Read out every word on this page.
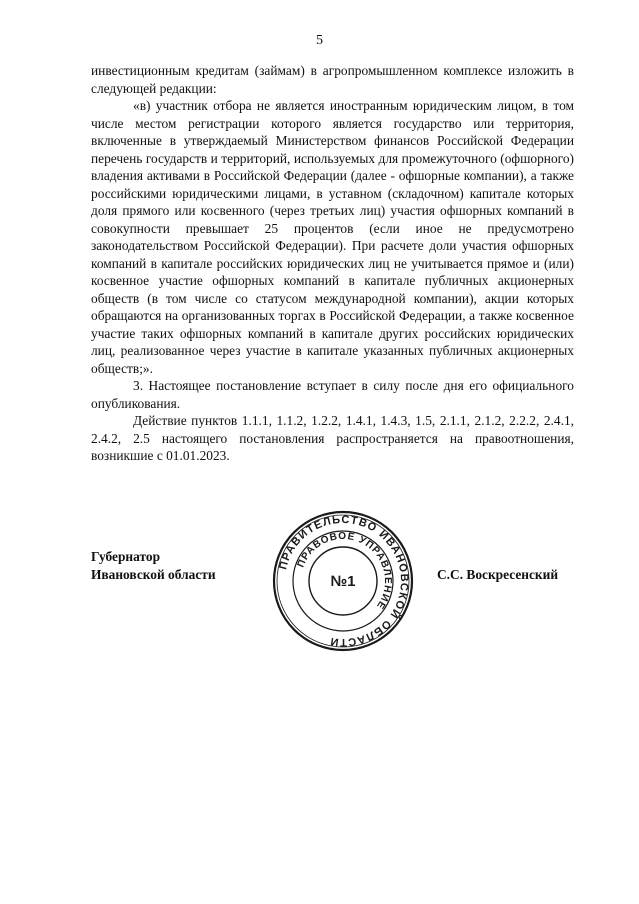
5

инвестиционным кредитам (займам) в агропромышленном комплексе изложить в следующей редакции:

«в) участник отбора не является иностранным юридическим лицом, в том числе местом регистрации которого является государство или территория, включенные в утверждаемый Министерством финансов Российской Федерации перечень государств и территорий, используемых для промежуточного (офшорного) владения активами в Российской Федерации (далее - офшорные компании), а также российскими юридическими лицами, в уставном (складочном) капитале которых доля прямого или косвенного (через третьих лиц) участия офшорных компаний в совокупности превышает 25 процентов (если иное не предусмотрено законодательством Российской Федерации). При расчете доли участия офшорных компаний в капитале российских юридических лиц не учитывается прямое и (или) косвенное участие офшорных компаний в капитале публичных акционерных обществ (в том числе со статусом международной компании), акции которых обращаются на организованных торгах в Российской Федерации, а также косвенное участие таких офшорных компаний в капитале других российских юридических лиц, реализованное через участие в капитале указанных публичных акционерных обществ;».

3. Настоящее постановление вступает в силу после дня его официального опубликования.

Действие пунктов 1.1.1, 1.1.2, 1.2.2, 1.4.1, 1.4.3, 1.5, 2.1.1, 2.1.2, 2.2.2, 2.4.1, 2.4.2, 2.5 настоящего постановления распространяется на правоотношения, возникшие с 01.01.2023.

Губернатор
Ивановской области
ПРАВИТЕЛЬСТВО ИВАНОВСКОЙ ОБЛАСТИ
ПРАВОВОЕ УПРАВЛЕНИЕ
№1	С.С. Воскресенский
